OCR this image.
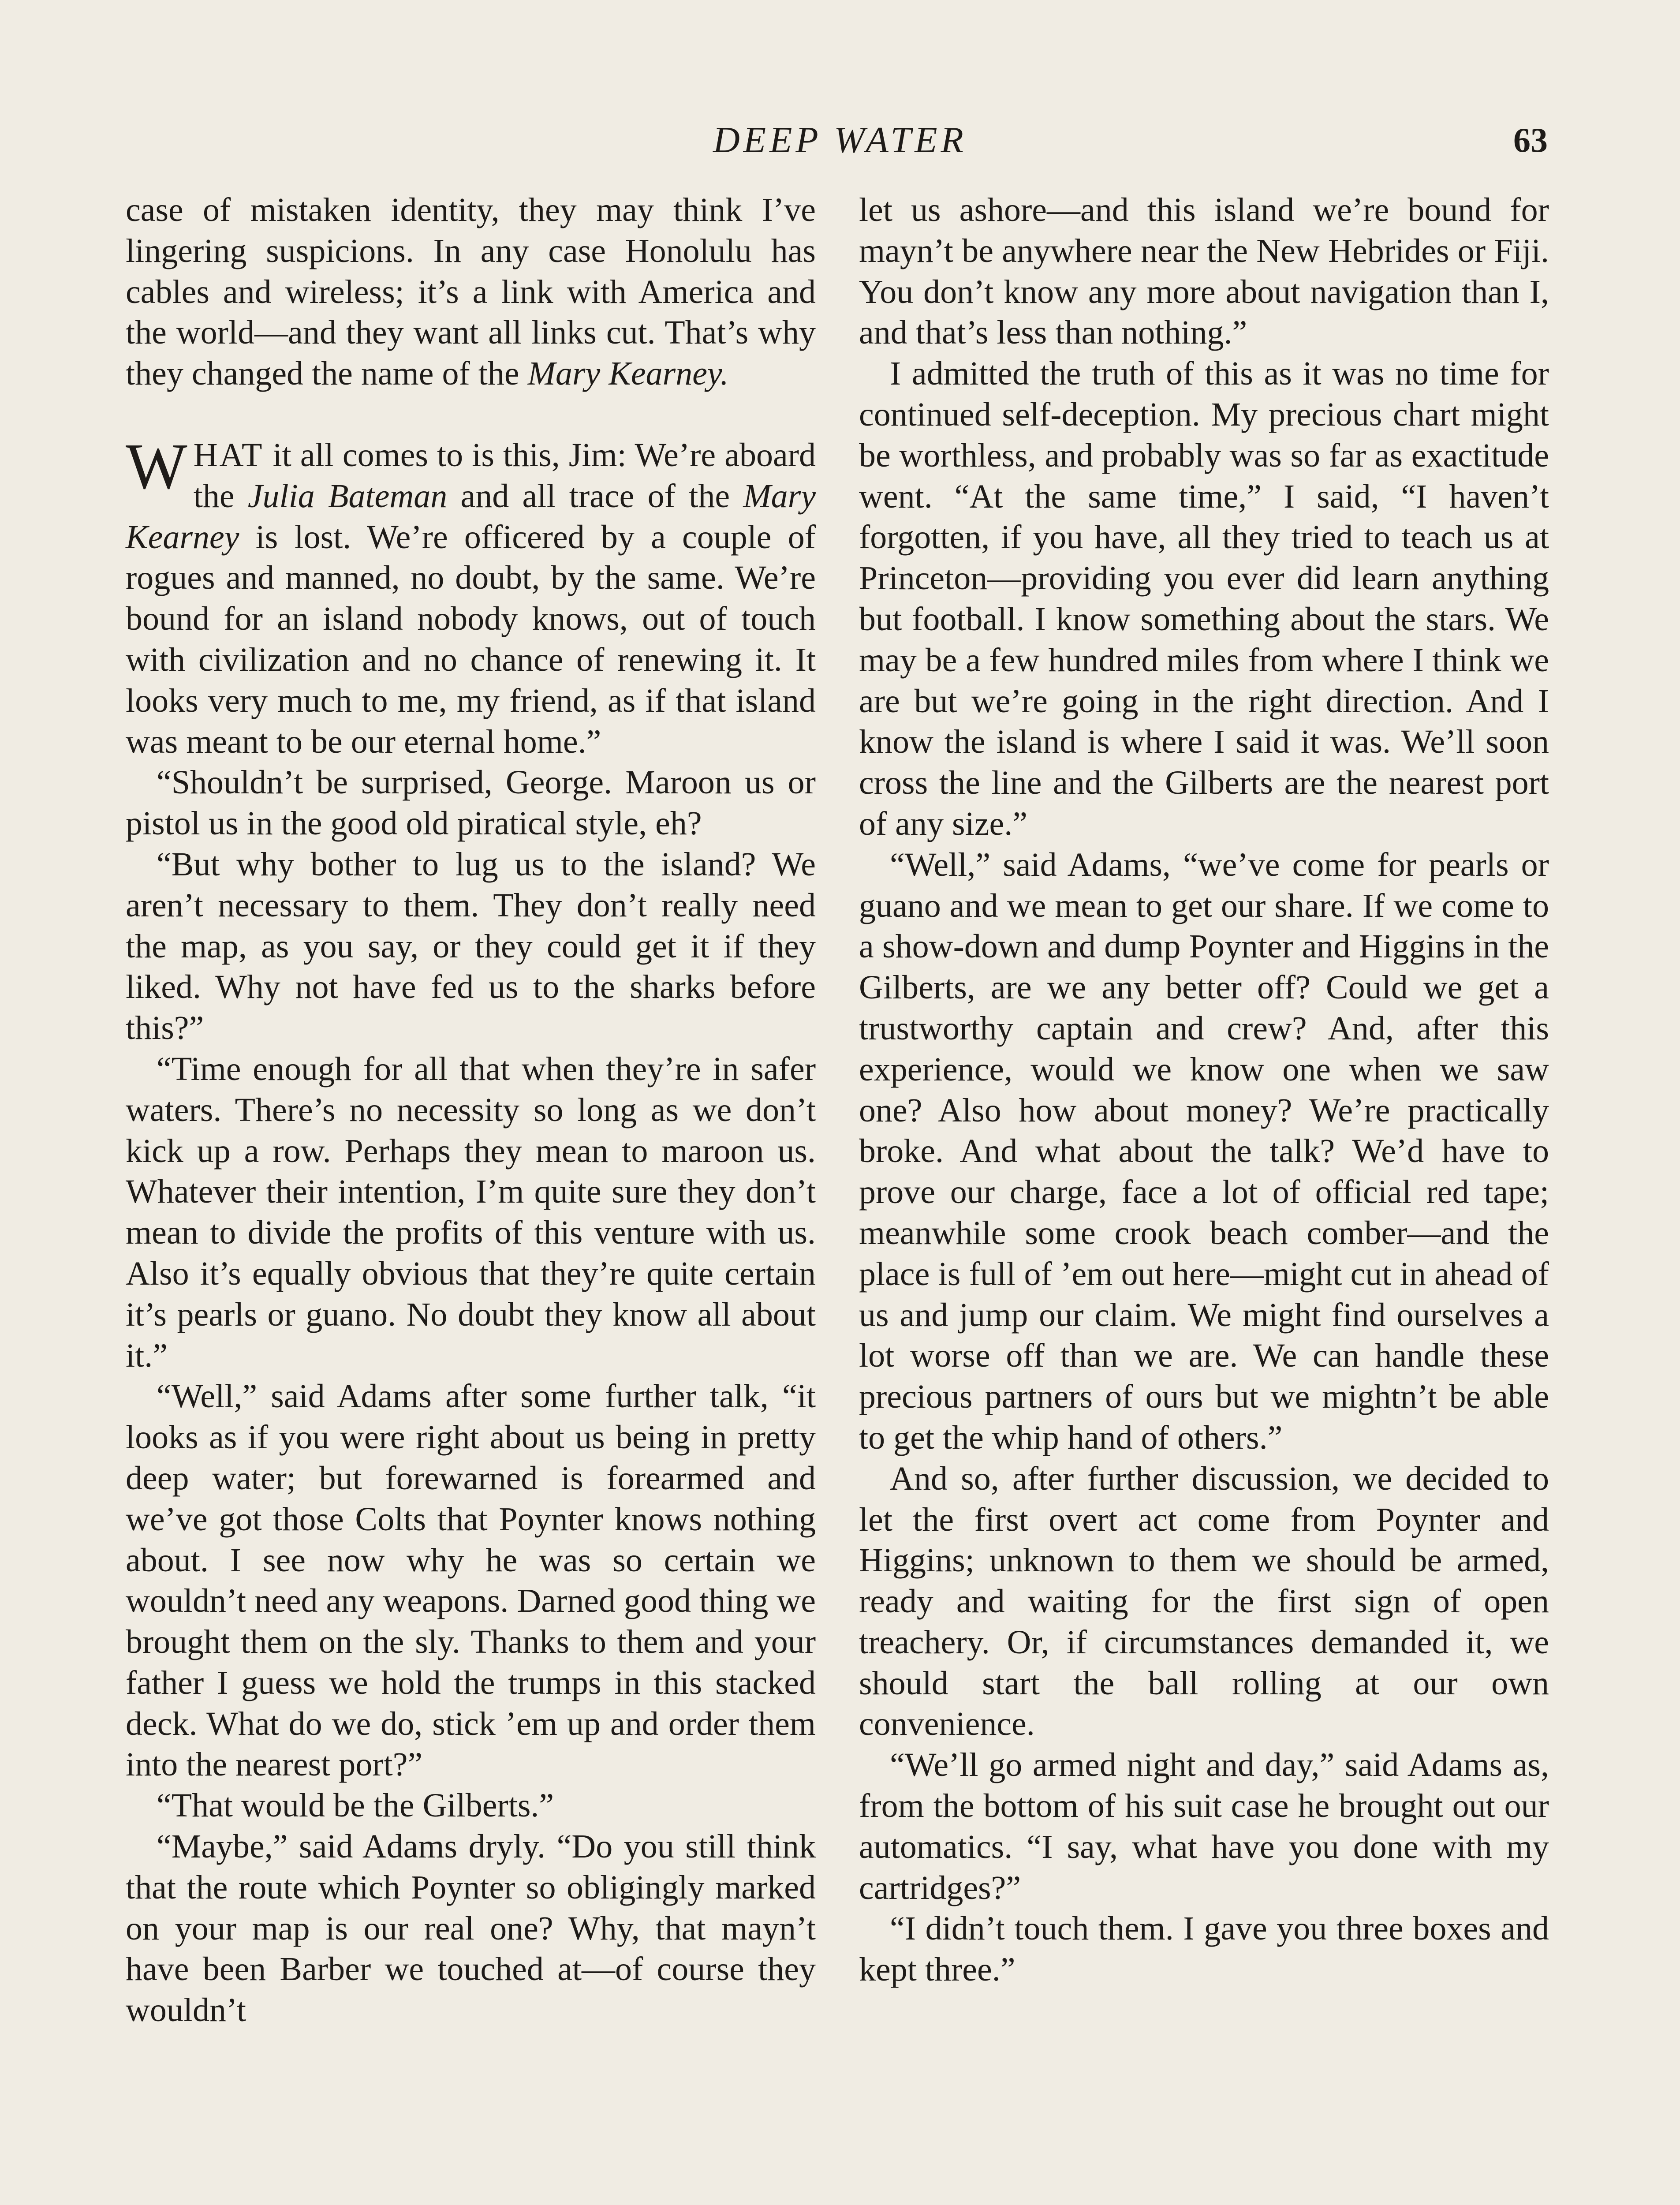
DEEP WATER	63

case of mistaken identity, they may think I’ve lingering suspicions. In any case Honolulu has cables and wireless; it’s a link with America and the world—and they want all links cut. That’s why they changed the name of the Mary Kearney.

WHAT it all comes to is this, Jim: We’re aboard the Julia Bateman and all trace of the Mary Kearney is lost. We’re officered by a couple of rogues and manned, no doubt, by the same. We’re bound for an island nobody knows, out of touch with civilization and no chance of renewing it. It looks very much to me, my friend, as if that island was meant to be our eternal home.”

“Shouldn’t be surprised, George. Maroon us or pistol us in the good old piratical style, eh?

“But why bother to lug us to the island? We aren’t necessary to them. They don’t really need the map, as you say, or they could get it if they liked. Why not have fed us to the sharks before this?”

“Time enough for all that when they’re in safer waters. There’s no necessity so long as we don’t kick up a row. Perhaps they mean to maroon us. Whatever their intention, I’m quite sure they don’t mean to divide the profits of this venture with us. Also it’s equally obvious that they’re quite certain it’s pearls or guano. No doubt they know all about it.”

“Well,” said Adams after some further talk, “it looks as if you were right about us being in pretty deep water; but forewarned is forearmed and we’ve got those Colts that Poynter knows nothing about. I see now why he was so certain we wouldn’t need any weapons. Darned good thing we brought them on the sly. Thanks to them and your father I guess we hold the trumps in this stacked deck. What do we do, stick ’em up and order them into the nearest port?”

“That would be the Gilberts.”

“Maybe,” said Adams dryly. “Do you still think that the route which Poynter so obligingly marked on your map is our real one? Why, that mayn’t have been Barber we touched at—of course they wouldn’t

let us ashore—and this island we’re bound for mayn’t be anywhere near the New Hebrides or Fiji. You don’t know any more about navigation than I, and that’s less than nothing.”

I admitted the truth of this as it was no time for continued self-deception. My precious chart might be worthless, and probably was so far as exactitude went. “At the same time,” I said, “I haven’t forgotten, if you have, all they tried to teach us at Princeton—providing you ever did learn anything but football. I know something about the stars. We may be a few hundred miles from where I think we are but we’re going in the right direction. And I know the island is where I said it was. We’ll soon cross the line and the Gilberts are the nearest port of any size.”

“Well,” said Adams, “we’ve come for pearls or guano and we mean to get our share. If we come to a show-down and dump Poynter and Higgins in the Gilberts, are we any better off? Could we get a trustworthy captain and crew? And, after this experience, would we know one when we saw one? Also how about money? We’re practically broke. And what about the talk? We’d have to prove our charge, face a lot of official red tape; meanwhile some crook beach comber—and the place is full of ’em out here—might cut in ahead of us and jump our claim. We might find ourselves a lot worse off than we are. We can handle these precious partners of ours but we mightn’t be able to get the whip hand of others.”

And so, after further discussion, we decided to let the first overt act come from Poynter and Higgins; unknown to them we should be armed, ready and waiting for the first sign of open treachery. Or, if circumstances demanded it, we should start the ball rolling at our own convenience.

“We’ll go armed night and day,” said Adams as, from the bottom of his suit case he brought out our automatics. “I say, what have you done with my cartridges?”

“I didn’t touch them. I gave you three boxes and kept three.”
